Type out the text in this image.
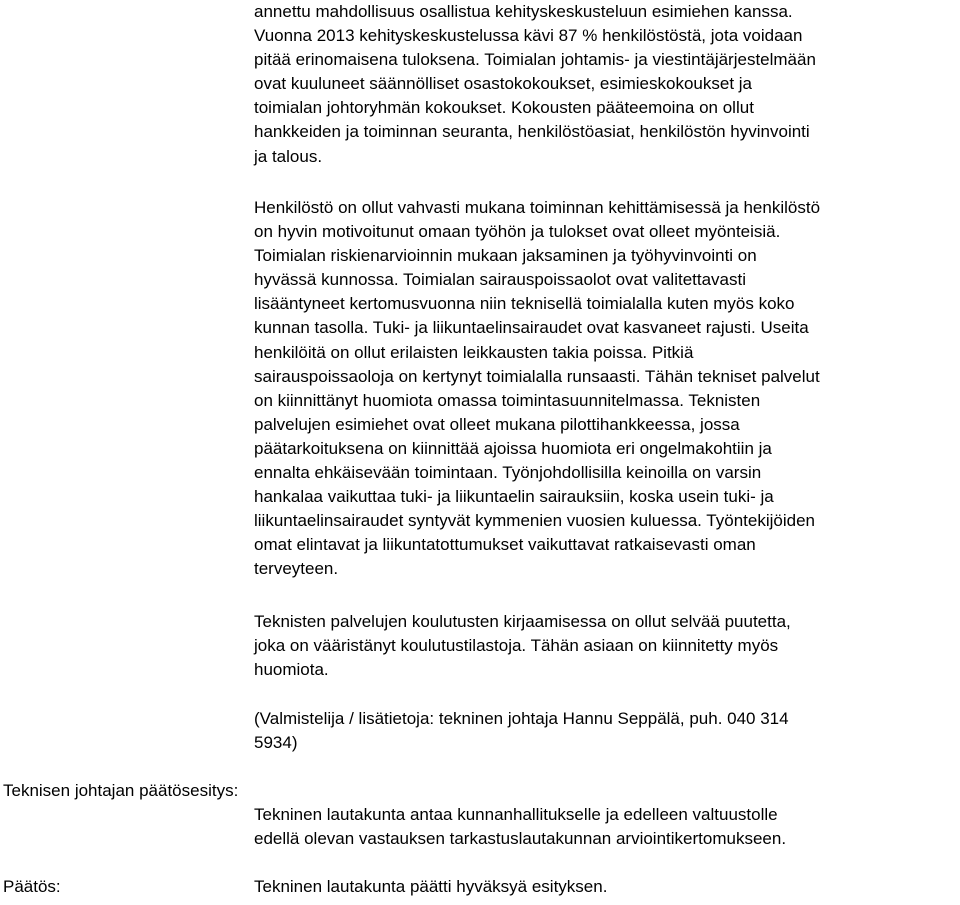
annettu mahdollisuus osallistua kehityskeskusteluun esimiehen kanssa.
Vuonna 2013 kehityskeskustelussa kävi 87 % henkilöstöstä, jota voidaan
pitää erinomaisena tuloksena. Toimialan johtamis- ja viestintäjärjestelmään
ovat kuuluneet säännölliset osastokokoukset, esimieskokoukset ja
toimialan johtoryhmän kokoukset. Kokousten pääteemoina on ollut
hankkeiden ja toiminnan seuranta, henkilöstöasiat, henkilöstön hyvinvointi
ja talous.
Henkilöstö on ollut vahvasti mukana toiminnan kehittämisessä ja henkilöstö
on hyvin motivoitunut omaan työhön ja tulokset ovat olleet myönteisiä.
Toimialan riskienarvioinnin mukaan jaksaminen ja työhyvinvointi on
hyvässä kunnossa. Toimialan sairauspoissaolot ovat valitettavasti
lisääntyneet kertomusvuonna niin teknisellä toimialalla kuten myös koko
kunnan tasolla. Tuki- ja liikuntaelinsairaudet ovat kasvaneet rajusti. Useita
henkilöitä on ollut erilaisten leikkausten takia poissa. Pitkiä
sairauspoissaoloja on kertynyt toimialalla runsaasti. Tähän tekniset palvelut
on kiinnittänyt huomiota omassa toimintasuunnitelmassa. Teknisten
palvelujen esimiehet ovat olleet mukana pilottihankkeessa, jossa
päätarkoituksena on kiinnittää ajoissa huomiota eri ongelmakohtiin ja
ennalta ehkäisevään toimintaan. Työnjohdollisilla keinoilla on varsin
hankalaa vaikuttaa tuki- ja liikuntaelin sairauksiin, koska usein tuki- ja
liikuntaelinsairaudet syntyvät kymmenien vuosien kuluessa. Työntekijöiden
omat elintavat ja liikuntatottumukset vaikuttavat ratkaisevasti oman
terveyteen.
Teknisten palvelujen koulutusten kirjaamisessa on ollut selvää puutetta,
joka on vääristänyt koulutustilastoja. Tähän asiaan on kiinnitetty myös
huomiota.
(Valmistelija / lisätietoja: tekninen johtaja Hannu Seppälä, puh. 040 314
5934)
Teknisen johtajan päätösesitys:
Tekninen lautakunta antaa kunnanhallitukselle ja edelleen valtuustolle
edellä olevan vastauksen tarkastuslautakunnan arviointikertomukseen.
Päätös:	Tekninen lautakunta päätti hyväksyä esityksen.
